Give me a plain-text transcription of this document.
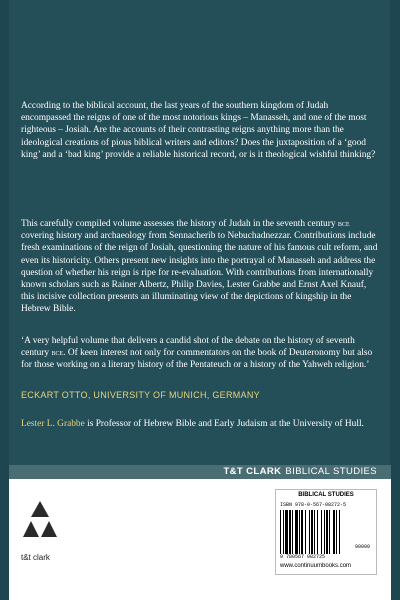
According to the biblical account, the last years of the southern kingdom of Judah encompassed the reigns of one of the most notorious kings – Manasseh, and one of the most righteous – Josiah. Are the accounts of their contrasting reigns anything more than the ideological creations of pious biblical writers and editors? Does the juxtaposition of a ‘good king’ and a ‘bad king’ provide a reliable historical record, or is it theological wishful thinking?
This carefully compiled volume assesses the history of Judah in the seventh century bce covering history and archaeology from Sennacherib to Nebuchadnezzar. Contributions include fresh examinations of the reign of Josiah, questioning the nature of his famous cult reform, and even its historicity. Others present new insights into the portrayal of Manasseh and address the question of whether his reign is ripe for re-evaluation. With contributions from internationally known scholars such as Rainer Albertz, Philip Davies, Lester Grabbe and Ernst Axel Knauf, this incisive collection presents an illuminating view of the depictions of kingship in the Hebrew Bible.
‘A very helpful volume that delivers a candid shot of the debate on the history of seventh century bce. Of keen interest not only for commentators on the book of Deuteronomy but also for those working on a literary history of the Pentateuch or a history of the Yahweh religion.’
ECKART OTTO, UNIVERSITY OF MUNICH, GERMANY
Lester L. Grabbe is Professor of Hebrew Bible and Early Judaism at the University of Hull.
T&T CLARK BIBLICAL STUDIES
t&t clark
BIBLICAL STUDIES
ISBN 978-0-567-08272-5
90000
9 780567 082725
www.continuumbooks.com
